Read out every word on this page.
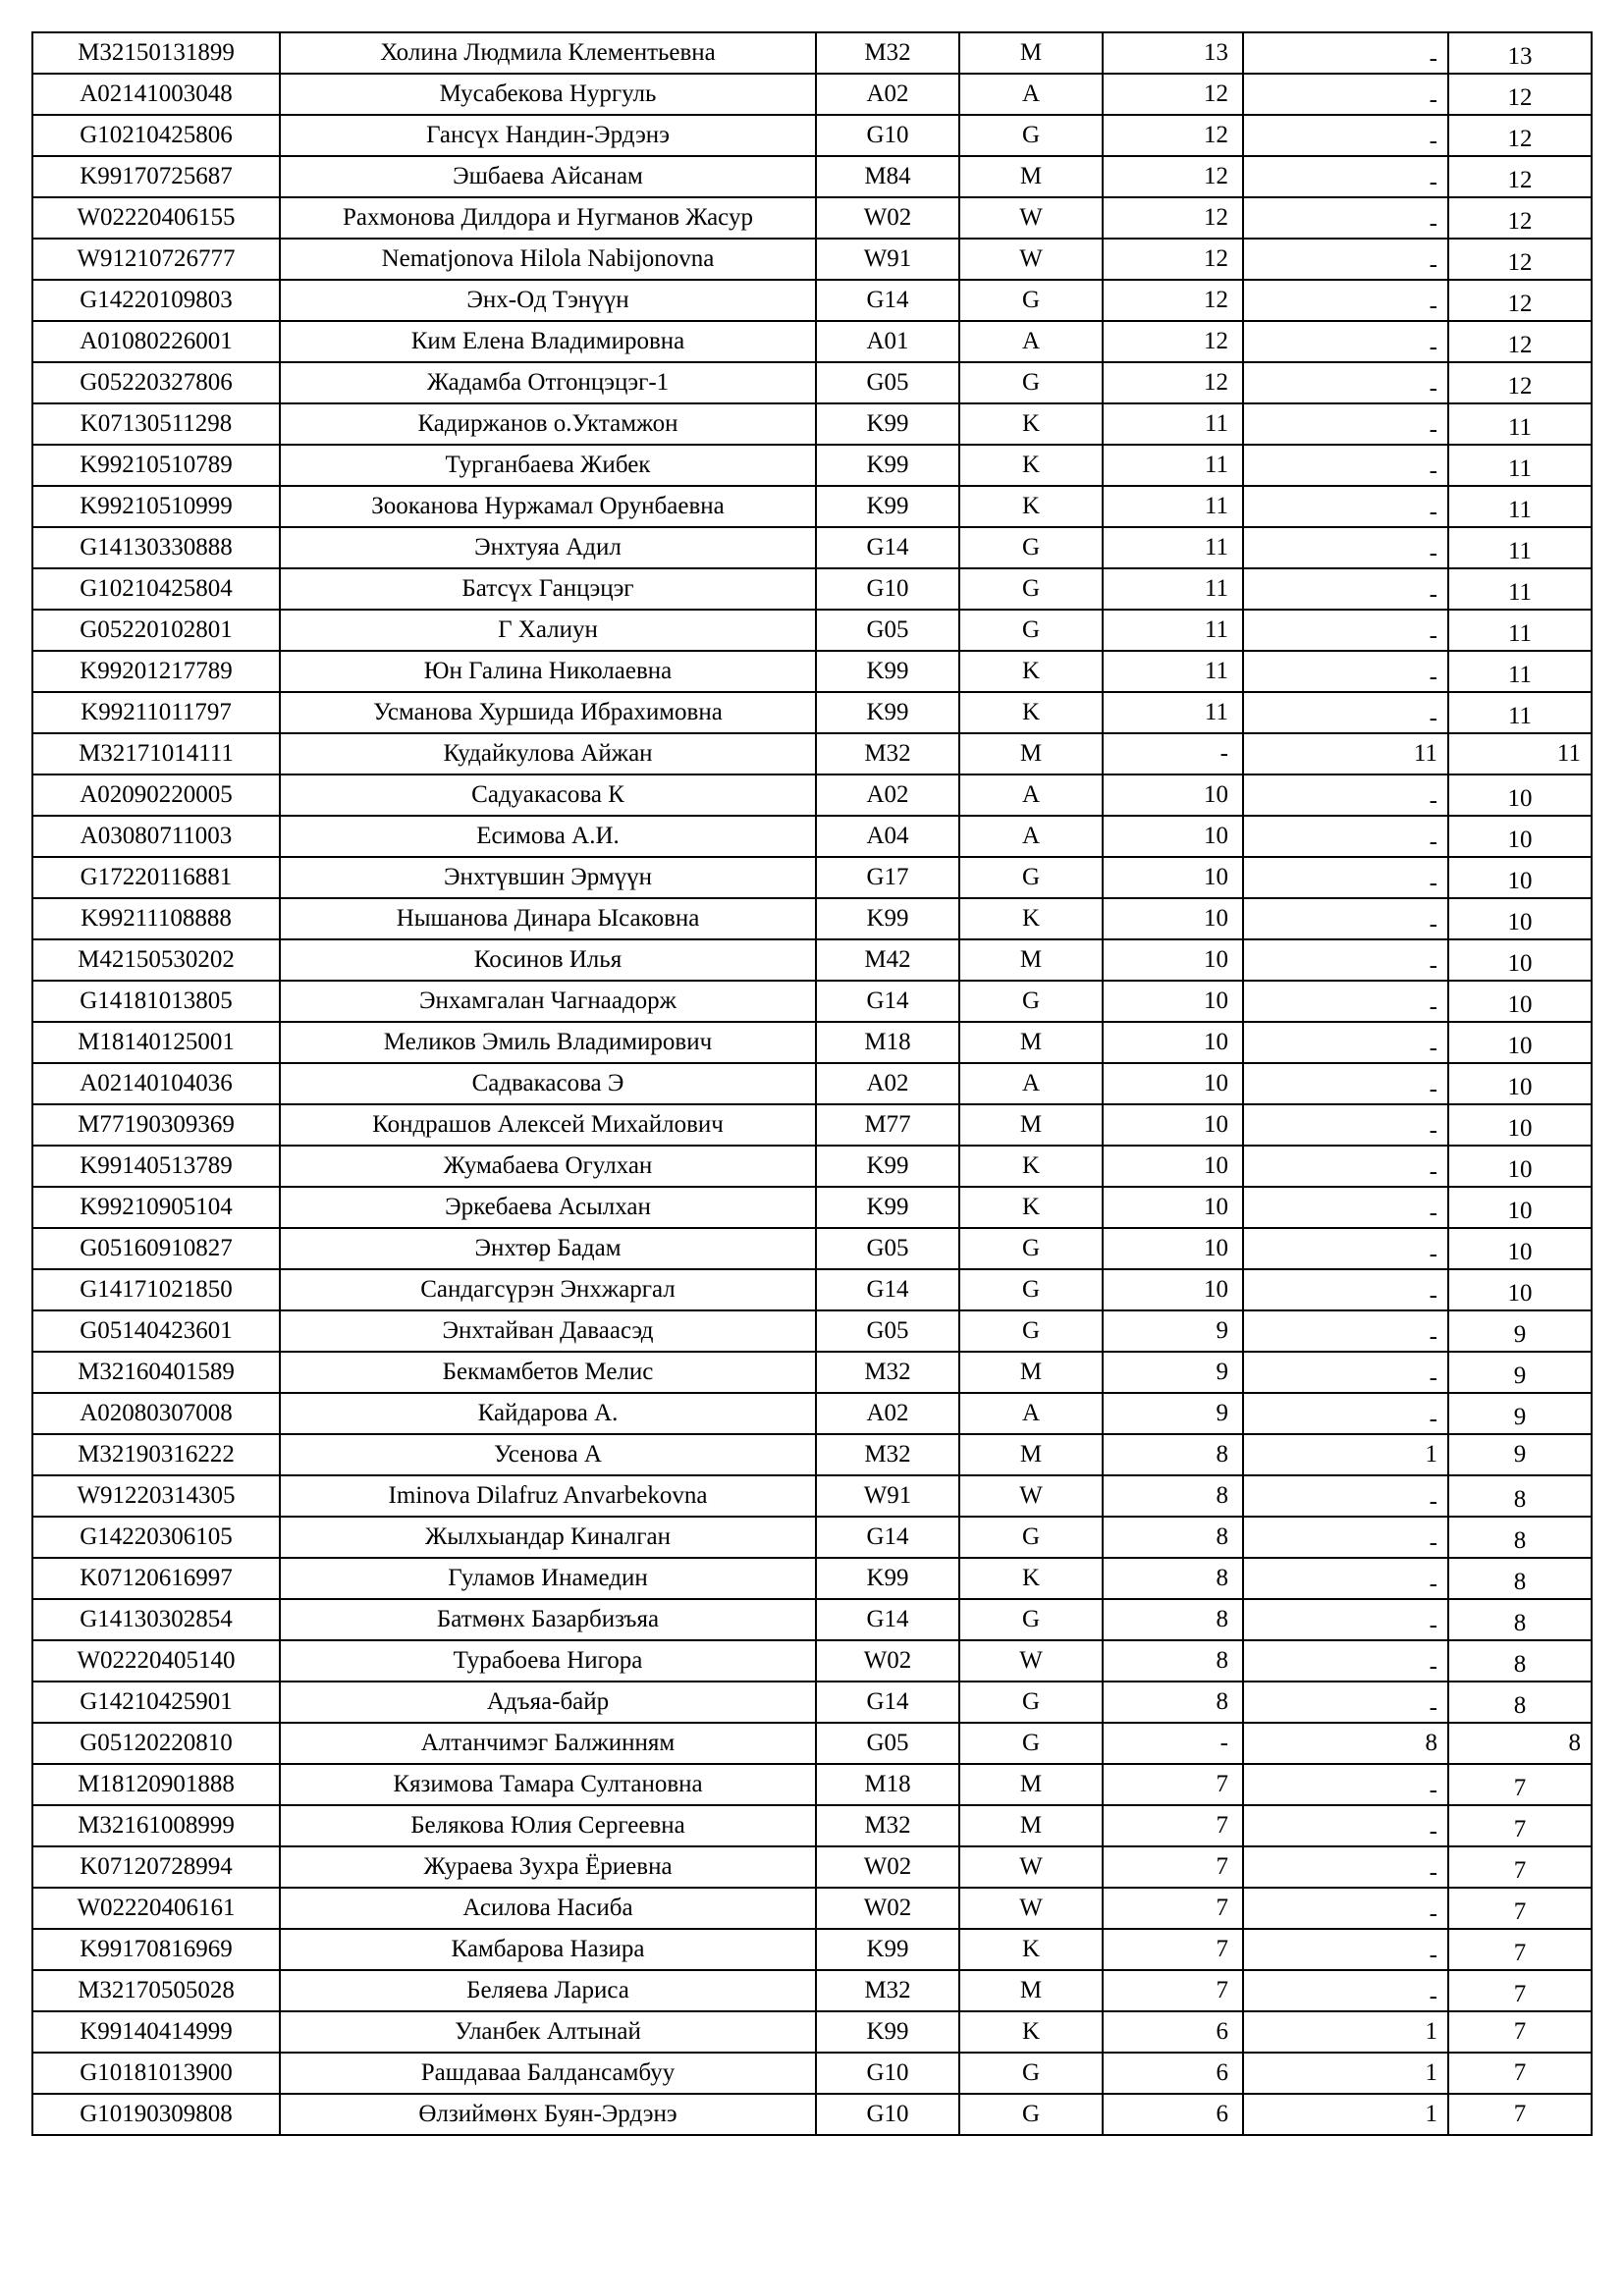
M32150131899	Холина Людмила Клементьевна	M32	M	13	-	13
A02141003048	Мусабекова Нургуль	A02	A	12	-	12
G10210425806	Гансүх Нандин-Эрдэнэ	G10	G	12	-	12
K99170725687	Эшбаева Айсанам	M84	M	12	-	12
W02220406155	Рахмонова Дилдора и Нугманов Жасур	W02	W	12	-	12
W91210726777	Nematjonova Hilola Nabijonovna	W91	W	12	-	12
G14220109803	Энх-Од Тэнүүн	G14	G	12	-	12
A01080226001	Ким Елена Владимировна	A01	A	12	-	12
G05220327806	Жадамба Отгонцэцэг-1	G05	G	12	-	12
K07130511298	Кадиржанов о.Уктамжон	K99	K	11	-	11
K99210510789	Турганбаева Жибек	K99	K	11	-	11
K99210510999	Зооканова Нуржамал Орунбаевна	K99	K	11	-	11
G14130330888	Энхтуяа Адил	G14	G	11	-	11
G10210425804	Батсүх Ганцэцэг	G10	G	11	-	11
G05220102801	Г Халиун	G05	G	11	-	11
K99201217789	Юн Галина Николаевна	K99	K	11	-	11
K99211011797	Усманова Хуршида Ибрахимовна	K99	K	11	-	11
M32171014111	Кудайкулова Айжан	M32	M	-	11	11
A02090220005	Садуакасова К	A02	A	10	-	10
A03080711003	Есимова А.И.	A04	A	10	-	10
G17220116881	Энхтүвшин Эрмүүн	G17	G	10	-	10
K99211108888	Нышанова Динара Ысаковна	K99	K	10	-	10
M42150530202	Косинов Илья	M42	M	10	-	10
G14181013805	Энхамгалан Чагнаадорж	G14	G	10	-	10
M18140125001	Меликов Эмиль Владимирович	M18	M	10	-	10
A02140104036	Садвакасова Э	A02	A	10	-	10
M77190309369	Кондрашов Алексей Михайлович	M77	M	10	-	10
K99140513789	Жумабаева Огулхан	K99	K	10	-	10
K99210905104	Эркебаева Асылхан	K99	K	10	-	10
G05160910827	Энхтөр Бадам	G05	G	10	-	10
G14171021850	Сандагсүрэн Энхжаргал	G14	G	10	-	10
G05140423601	Энхтайван Даваасэд	G05	G	9	-	9
M32160401589	Бекмамбетов Мелис	M32	M	9	-	9
A02080307008	Кайдарова А.	A02	A	9	-	9
M32190316222	Усенова А	M32	M	8	1	9
W91220314305	Iminova Dilafruz Anvarbekovna	W91	W	8	-	8
G14220306105	Жылхыандар Киналган	G14	G	8	-	8
K07120616997	Гуламов Инамедин	K99	K	8	-	8
G14130302854	Батмөнх Базарбизъяа	G14	G	8	-	8
W02220405140	Турабоева Нигора	W02	W	8	-	8
G14210425901	Адъяа-байр	G14	G	8	-	8
G05120220810	Алтанчимэг Балжинням	G05	G	-	8	8
M18120901888	Кязимова Тамара Султановна	M18	M	7	-	7
M32161008999	Белякова Юлия Сергеевна	M32	M	7	-	7
K07120728994	Жураева Зухра Ёриевна	W02	W	7	-	7
W02220406161	Асилова Насиба	W02	W	7	-	7
K99170816969	Камбарова Назира	K99	K	7	-	7
M32170505028	Беляева Лариса	M32	M	7	-	7
K99140414999	Уланбек Алтынай	K99	K	6	1	7
G10181013900	Рашдаваа Балдансамбуу	G10	G	6	1	7
G10190309808	Өлзиймөнх Буян-Эрдэнэ	G10	G	6	1	7
